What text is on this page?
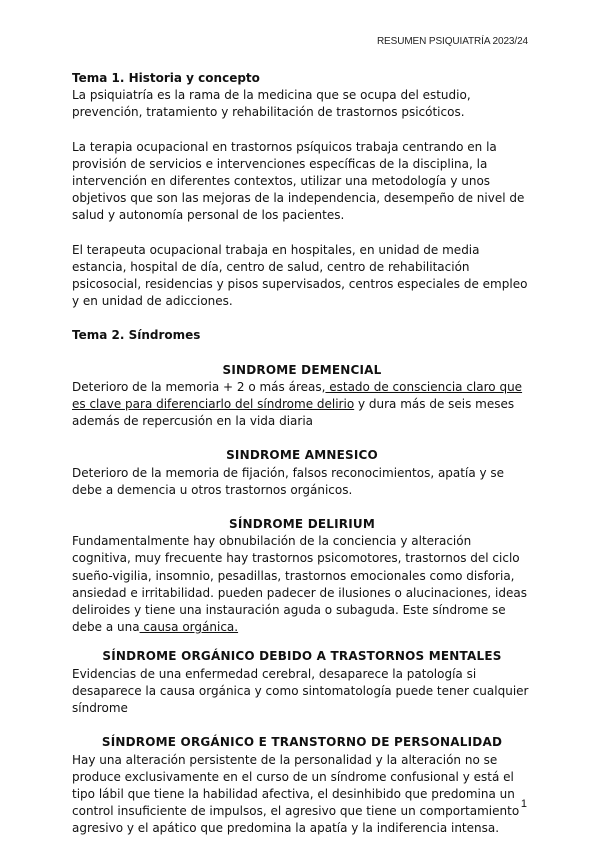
RESUMEN PSIQUIATRÍA 2023/24

Tema 1. Historia y concepto

La psiquiatría es la rama de la medicina que se ocupa del estudio, prevención, tratamiento y rehabilitación de trastornos psicóticos.

La terapia ocupacional en trastornos psíquicos trabaja centrando en la provisión de servicios e intervenciones específicas de la disciplina, la intervención en diferentes contextos, utilizar una metodología y unos objetivos que son las mejoras de la independencia, desempeño de nivel de salud y autonomía personal de los pacientes.

El terapeuta ocupacional trabaja en hospitales, en unidad de media estancia, hospital de día, centro de salud, centro de rehabilitación psicosocial, residencias y pisos supervisados, centros especiales de empleo y en unidad de adicciones.

Tema 2. Síndromes

SINDROME DEMENCIAL

Deterioro de la memoria + 2 o más áreas, estado de consciencia claro que es clave para diferenciarlo del síndrome delirio y dura más de seis meses además de repercusión en la vida diaria

SINDROME AMNESICO

Deterioro de la memoria de fijación, falsos reconocimientos, apatía y se debe a demencia u otros trastornos orgánicos.

SÍNDROME DELIRIUM

Fundamentalmente hay obnubilación de la conciencia y alteración cognitiva, muy frecuente hay trastornos psicomotores, trastornos del ciclo sueño-vigilia, insomnio, pesadillas, trastornos emocionales como disforia, ansiedad e irritabilidad. pueden padecer de ilusiones o alucinaciones, ideas deliroides y tiene una instauración aguda o subaguda. Este síndrome se debe a una causa orgánica.

SÍNDROME ORGÁNICO DEBIDO A TRASTORNOS MENTALES

Evidencias de una enfermedad cerebral, desaparece la patología si desaparece la causa orgánica y como sintomatología puede tener cualquier síndrome

SÍNDROME ORGÁNICO E TRANSTORNO DE PERSONALIDAD

Hay una alteración persistente de la personalidad y la alteración no se produce exclusivamente en el curso de un síndrome confusional y está el tipo lábil que tiene la habilidad afectiva, el desinhibido que predomina un control insuficiente de impulsos, el agresivo que tiene un comportamiento agresivo y el apático que predomina la apatía y la indiferencia intensa.

1
